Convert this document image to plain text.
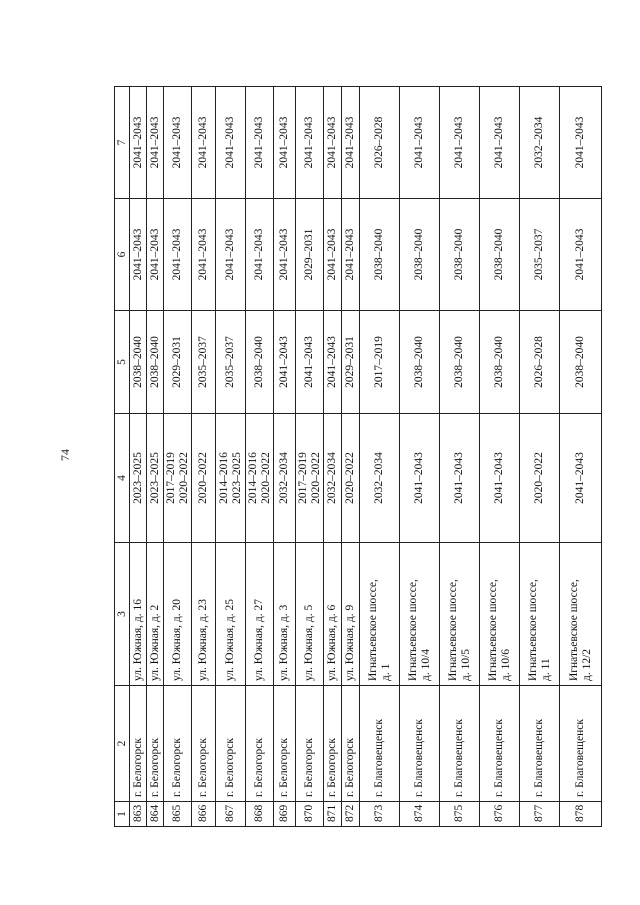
74
1	2	3	4	5	6	7
863	г. Белогорск	ул. Южная, д. 16	2023–2025	2038–2040	2041–2043	2041–2043
864	г. Белогорск	ул. Южная, д. 2	2023–2025	2038–2040	2041–2043	2041–2043
865	г. Белогорск	ул. Южная, д. 20	2017–2019 2020–2022	2029–2031	2041–2043	2041–2043
866	г. Белогорск	ул. Южная, д. 23	2020–2022	2035–2037	2041–2043	2041–2043
867	г. Белогорск	ул. Южная, д. 25	2014–2016 2023–2025	2035–2037	2041–2043	2041–2043
868	г. Белогорск	ул. Южная, д. 27	2014–2016 2020–2022	2038–2040	2041–2043	2041–2043
869	г. Белогорск	ул. Южная, д. 3	2032–2034	2041–2043	2041–2043	2041–2043
870	г. Белогорск	ул. Южная, д. 5	2017–2019 2020–2022	2041–2043	2029–2031	2041–2043
871	г. Белогорск	ул. Южная, д. 6	2032–2034	2041–2043	2041–2043	2041–2043
872	г. Белогорск	ул. Южная, д. 9	2020–2022	2029–2031	2041–2043	2041–2043
873	г. Благовещенск	Игнатьевское шоссе, д. 1	2032–2034	2017–2019	2038–2040	2026–2028
874	г. Благовещенск	Игнатьевское шоссе, д. 10/4	2041–2043	2038–2040	2038–2040	2041–2043
875	г. Благовещенск	Игнатьевское шоссе, д. 10/5	2041–2043	2038–2040	2038–2040	2041–2043
876	г. Благовещенск	Игнатьевское шоссе, д. 10/6	2041–2043	2038–2040	2038–2040	2041–2043
877	г. Благовещенск	Игнатьевское шоссе, д. 11	2020–2022	2026–2028	2035–2037	2032–2034
878	г. Благовещенск	Игнатьевское шоссе, д. 12/2	2041–2043	2038–2040	2041–2043	2041–2043
